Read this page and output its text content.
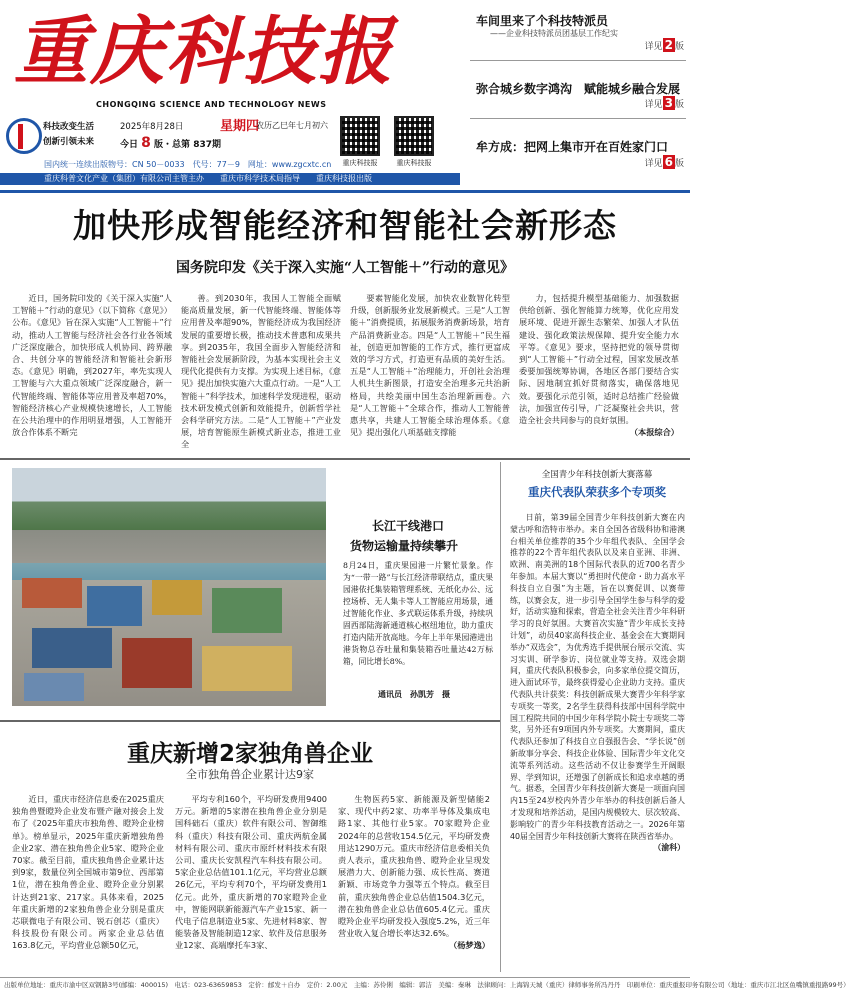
重庆科技报
CHONGQING SCIENCE AND TECHNOLOGY NEWS
科技改变生活
创新引领未来
2025年8月28日	星期四
农历乙巳年七月初六
今日 8 版・总第 837期
国内统一连续出版物号：CN 50－0033　代号：77－9　网址：www.zgcxtc.cn	重庆科技报	重庆科技报
重庆科普文化产业（集团）有限公司主管主办　　重庆市科学技术局指导　　重庆科技报出版
车间里来了个科技特派员
——企业科技特派员团基层工作纪实
详见 2 版
弥合城乡数字鸿沟　赋能城乡融合发展
详见 3 版
牟方成：把网上集市开在百姓家门口
详见 6 版
加快形成智能经济和智能社会新形态
国务院印发《关于深入实施“人工智能＋”行动的意见》

近日，国务院印发的《关于深入实施“人工智能＋”行动的意见》（以下简称《意见》）公布。《意见》旨在深入实施“人工智能＋”行动，推动人工智能与经济社会各行业各领域广泛深度融合，加快形成人机协同、跨界融合、共创分享的智能经济和智能社会新形态。《意见》明确，到2027年，率先实现人工智能与六大重点领域广泛深度融合，新一代智能终端、智能体等应用普及率超70%，智能经济核心产业规模快速增长，人工智能在公共治理中的作用明显增强，人工智能开放合作体系不断完

善。到2030年，我国人工智能全面赋能高质量发展，新一代智能终端、智能体等应用普及率超90%，智能经济成为我国经济发展的重要增长极，推动技术普惠和成果共享。到2035年，我国全面步入智能经济和智能社会发展新阶段，为基本实现社会主义现代化提供有力支撑。为实现上述目标，《意见》提出加快实施六大重点行动。一是“人工智能＋”科学技术，加速科学发现进程，驱动技术研发模式创新和效能提升，创新哲学社会科学研究方法。二是“人工智能＋”产业发展，培育智能原生新模式新业态，推进工业全

要素智能化发展，加快农业数智化转型升级，创新服务业发展新模式。三是“人工智能＋”消费提质，拓展服务消费新场景，培育产品消费新业态。四是“人工智能＋”民生福祉，创造更加智能的工作方式，推行更富成效的学习方式，打造更有品质的美好生活。五是“人工智能＋”治理能力，开创社会治理人机共生新图景，打造安全治理多元共治新格局，共绘美丽中国生态治理新画卷。六是“人工智能＋”全球合作，推动人工智能普惠共享，共建人工智能全球治理体系。《意见》提出强化八项基础支撑能

力，包括提升模型基础能力、加强数据供给创新、强化智能算力统筹，优化应用发展环境、促进开源生态繁荣、加强人才队伍建设、强化政策法规保障、提升安全能力水平等。《意见》要求，坚持把党的领导贯彻到“人工智能＋”行动全过程，国家发展改革委要加强统筹协调，各地区各部门要结合实际、因地制宜抓好贯彻落实，确保落地见效。要强化示范引领，适时总结推广经验做法，加强宣传引导，广泛凝聚社会共识，营造全社会共同参与的良好氛围。

（本报综合）
长江干线港口
货物运输量持续攀升
8月24日，重庆果园港一片繁忙景象。作为“一带一路”与长江经济带联结点，重庆果园港依托集装箱管理系统、无纸化办公、远控场桥、无人集卡等人工智能应用场景，通过智能化作业、多式联运体系升级，持续巩固西部陆海新通道核心枢纽地位，助力重庆打造内陆开放高地。今年上半年果园港进出港货物总吞吐量和集装箱吞吐量达42万标箱，同比增长8%。
通讯员　孙凯芳　摄
全国青少年科技创新大赛落幕
重庆代表队荣获多个专项奖

日前，第39届全国青少年科技创新大赛在内蒙古呼和浩特市举办。来自全国各省级科协和港澳台相关单位推荐的35个少年组代表队、全国学会推荐的22个青年组代表队以及来自亚洲、非洲、欧洲、南美洲的18个国际代表队的近700名青少年参加。本届大赛以“勇担时代使命・助力高水平科技自立自强”为主题，旨在以赛促训、以赛带练，以赛会友，进一步引导全国学生参与科学的爱好，活动实施和探索，营造全社会关注青少年科研学习的良好氛围。大赛首次实施“青少年成长支持计划”，动员40家高科技企业、基金会在大赛期间举办“双选会”，为优秀选手提供展台展示交流、实习实训、研学参访、岗位就业等支持。双选会期间，重庆代表队积极参会，向多家单位提交简历，进入面试环节，最终获得爱心企业助力支持。重庆代表队共计获奖：科技创新成果大赛青少年科学家专项奖一等奖，2名学生获得科技部中国科学院中国工程院共同的中国少年科学院小院士专项奖二等奖，另外还有9项国内外专项奖。大赛期间，重庆代表队还参加了科技自立自强报告会、“学长说”创新故事分享会、科技企业体验、国际青少年文化交流等系列活动。这些活动不仅让参赛学生开阔眼界、学到知识，还增强了创新成长和追求卓越的勇气。据悉，全国青少年科技创新大赛是一项面向国内15至24岁校内外青少年举办的科技创新后备人才发现和培养活动，是国内规模较大、层次较高、影响较广的青少年科技教育活动之一。2026年第40届全国青少年科技创新大赛将在陕西省举办。

（渝科）
重庆新增2家独角兽企业
全市独角兽企业累计达9家

近日，重庆市经济信息委在2025重庆独角兽暨瞪羚企业发布暨产融对接会上发布了《2025年重庆市独角兽、瞪羚企业榜单》。榜单显示，2025年重庆新增独角兽企业2家、潜在独角兽企业5家、瞪羚企业70家。截至目前，重庆独角兽企业累计达到9家，数量位列全国城市第9位、西部第1位，潜在独角兽企业、瞪羚企业分别累计达到21家、217家。具体来看，2025年重庆新增的2家独角兽企业分别是重庆芯联微电子有限公司、锐石创芯（重庆）科技股份有限公司。两家企业总估值163.8亿元，平均营业总额50亿元，

平均专利160个，平均研发费用9400万元。新增的5家潜在独角兽企业分别是国科础石（重庆）软件有限公司、智御维科（重庆）科技有限公司、重庆两航金属材料有限公司、重庆市原纤材料技术有限公司、重庆长安凯程汽车科技有限公司。5家企业总估值101.1亿元，平均营业总额26亿元，平均专利70个，平均研发费用1亿元。此外，重庆新增的70家瞪羚企业中，智能网联新能源汽车产业15家、新一代电子信息制造业5家、先进材料8家、智能装备及智能制造12家、软件及信息服务业12家、高端摩托车3家、

生物医药5家、新能源及新型储能2家、现代中药2家、功率半导体及集成电路1家、其他行业5家。70家瞪羚企业2024年的总营收154.5亿元，平均研发费用达1290万元。重庆市经济信息委相关负责人表示，重庆独角兽、瞪羚企业呈现发展潜力大、创新能力强、成长性高、赛道新颖、市场竞争力强等五个特点。截至目前，重庆独角兽企业总估值1504.3亿元，潜在独角兽企业总估值605.4亿元。重庆瞪羚企业平均研发投入强度5.2%，近三年营业收入复合增长率达32.6%。

（杨梦逸）
出版单位地址：重庆市渝中区双钢路3号(邮编：400015)　电话：023-63659853　定价：邮发＋自办　定价：2.00元　主编：苏伶俐　编辑：郭洁　美编：秦琳　法律顾问：上海锦天城（重庆）律师事务所冯丹丹　印刷单位：重庆重报印务有限公司（地址：重庆市江北区鱼嘴镇重报路99号）
